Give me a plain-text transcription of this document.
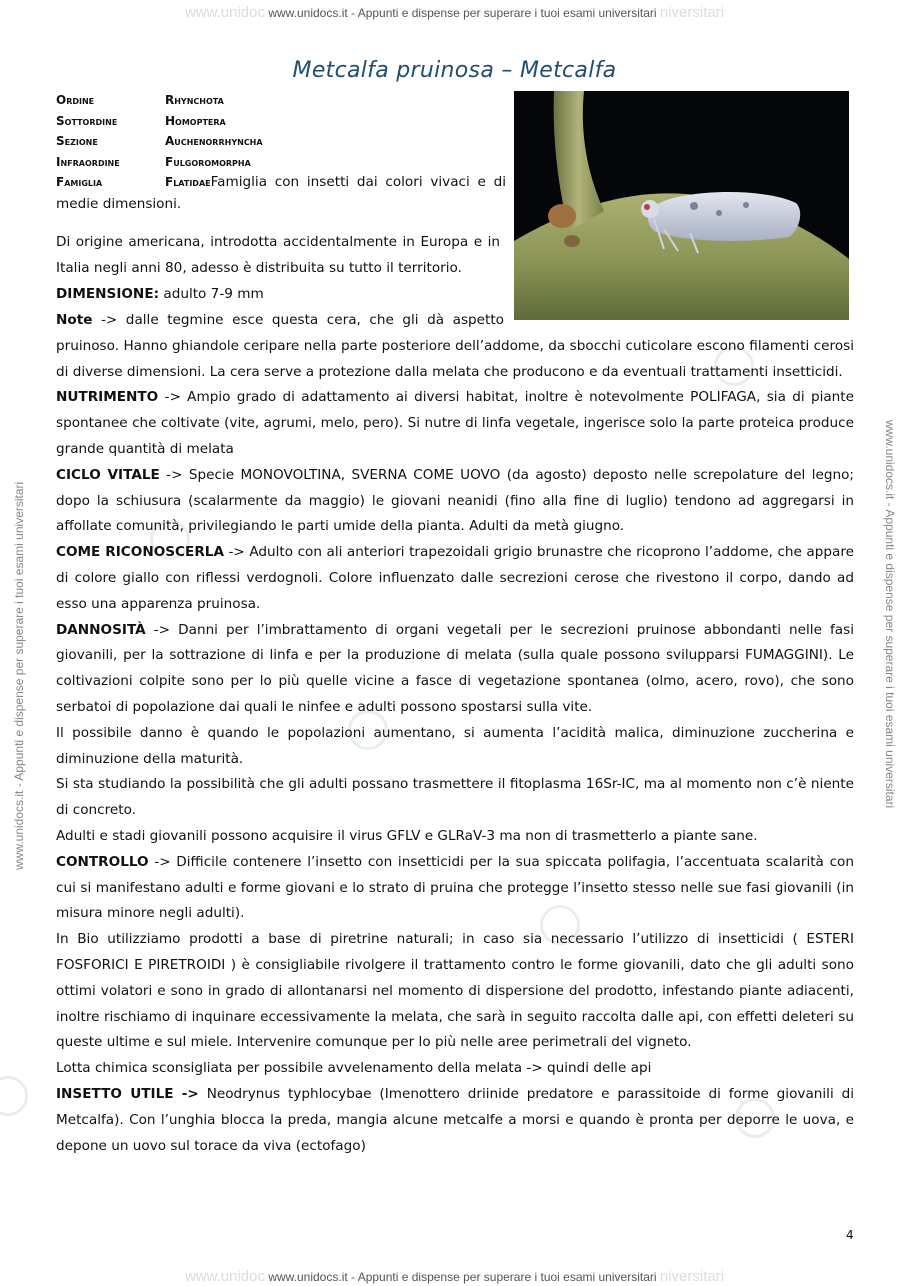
www.unidoc www.unidocs.it - Appunti e dispense per superare i tuoi esami universitari niversitari
www.unidoc www.unidocs.it - Appunti e dispense per superare i tuoi esami universitari niversitari
www.unidocs.it - Appunti e dispense per superare i tuoi esami universitari	www.unidocs.it - Appunti e dispense per superare i tuoi esami universitari
Metcalfa pruinosa – Metcalfa
Ordine	Rhynchota
Sottordine	Homoptera
Sezione	Auchenorrhyncha
Infraordine	Fulgoromorpha
Famiglia	FlatidaeFamiglia con insetti dai colori vivaci e di medie dimensioni.

Di origine americana, introdotta accidentalmente in Europa e in Italia negli anni 80, adesso è distribuita su tutto il territorio.

DIMENSIONE: adulto 7-9 mm

Note -> dalle tegmine esce questa cera, che gli dà aspetto pruinoso. Hanno ghiandole ceripare nella parte posteriore dell’addome, da sbocchi cuticolare escono filamenti cerosi di diverse dimensioni. La cera serve a protezione dalla melata che producono e da eventuali trattamenti insetticidi.

NUTRIMENTO -> Ampio grado di adattamento ai diversi habitat, inoltre è notevolmente POLIFAGA, sia di piante spontanee che coltivate (vite, agrumi, melo, pero). Si nutre di linfa vegetale, ingerisce solo la parte proteica produce grande quantità di melata

CICLO VITALE -> Specie MONOVOLTINA, SVERNA COME UOVO (da agosto) deposto nelle screpolature del legno; dopo la schiusura (scalarmente da maggio) le giovani neanidi (fino alla fine di luglio) tendono ad aggregarsi in affollate comunità, privilegiando le parti umide della pianta. Adulti da metà giugno.

COME RICONOSCERLA -> Adulto con ali anteriori trapezoidali grigio brunastre che ricoprono l’addome, che appare di colore giallo con riflessi verdognoli. Colore influenzato dalle secrezioni cerose che rivestono il corpo, dando ad esso una apparenza pruinosa.

DANNOSITÀ -> Danni per l’imbrattamento di organi vegetali per le secrezioni pruinose abbondanti nelle fasi giovanili, per la sottrazione di linfa e per la produzione di melata (sulla quale possono svilupparsi FUMAGGINI). Le coltivazioni colpite sono per lo più quelle vicine a fasce di vegetazione spontanea (olmo, acero, rovo), che sono serbatoi di popolazione dai quali le ninfee e adulti possono spostarsi sulla vite.

Il possibile danno è quando le popolazioni aumentano, si aumenta l’acidità malica, diminuzione zuccherina e diminuzione della maturità.

Si sta studiando la possibilità che gli adulti possano trasmettere il fitoplasma 16Sr-IC, ma al momento non c’è niente di concreto.

Adulti e stadi giovanili possono acquisire il virus GFLV e GLRaV-3 ma non di trasmetterlo a piante sane.

CONTROLLO -> Difficile contenere l’insetto con insetticidi per la sua spiccata polifagia, l’accentuata scalarità con cui si manifestano adulti e forme giovani e lo strato di pruina che protegge l’insetto stesso nelle sue fasi giovanili (in misura minore negli adulti).

In Bio utilizziamo prodotti a base di piretrine naturali; in caso sia necessario l’utilizzo di insetticidi ( ESTERI FOSFORICI E PIRETROIDI ) è consigliabile rivolgere il trattamento contro le forme giovanili, dato che gli adulti sono ottimi volatori e sono in grado di allontanarsi nel momento di dispersione del prodotto, infestando piante adiacenti, inoltre rischiamo di inquinare eccessivamente la melata, che sarà in seguito raccolta dalle api, con effetti deleteri su queste ultime e sul miele. Intervenire comunque per lo più nelle aree perimetrali del vigneto.

Lotta chimica sconsigliata per possibile avvelenamento della melata -> quindi delle api

INSETTO UTILE -> Neodrynus typhlocybae (Imenottero driinide predatore e parassitoide di forme giovanili di Metcalfa). Con l’unghia blocca la preda, mangia alcune metcalfe a morsi e quando è pronta per deporre le uova, e depone un uovo sul torace da viva (ectofago)

4
